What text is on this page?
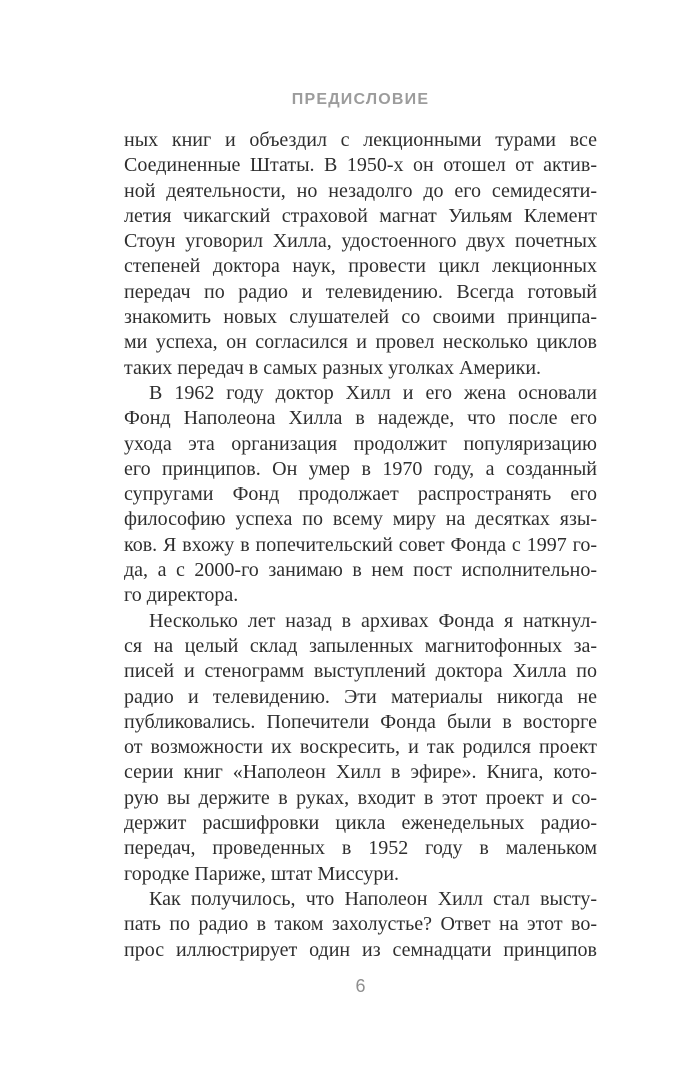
ПРЕДИСЛОВИЕ
ных книг и объездил с лекционными турами все
Соединенные Штаты. В 1950-х он отошел от актив-
ной деятельности, но незадолго до его семидесяти-
летия чикагский страховой магнат Уильям Клемент
Стоун уговорил Хилла, удостоенного двух почетных
степеней доктора наук, провести цикл лекционных
передач по радио и телевидению. Всегда готовый
знакомить новых слушателей со своими принципа-
ми успеха, он согласился и провел несколько циклов
таких передач в самых разных уголках Америки.
В 1962 году доктор Хилл и его жена основали
Фонд Наполеона Хилла в надежде, что после его
ухода эта организация продолжит популяризацию
его принципов. Он умер в 1970 году, а созданный
супругами Фонд продолжает распространять его
философию успеха по всему миру на десятках язы-
ков. Я вхожу в попечительский совет Фонда с 1997 го-
да, а с 2000-го занимаю в нем пост исполнительно-
го директора.
Несколько лет назад в архивах Фонда я наткнул-
ся на целый склад запыленных магнитофонных за-
писей и стенограмм выступлений доктора Хилла по
радио и телевидению. Эти материалы никогда не
публиковались. Попечители Фонда были в восторге
от возможности их воскресить, и так родился проект
серии книг «Наполеон Хилл в эфире». Книга, кото-
рую вы держите в руках, входит в этот проект и со-
держит расшифровки цикла еженедельных радио-
передач, проведенных в 1952 году в маленьком
городке Париже, штат Миссури.
Как получилось, что Наполеон Хилл стал высту-
пать по радио в таком захолустье? Ответ на этот во-
прос иллюстрирует один из семнадцати принципов
6
